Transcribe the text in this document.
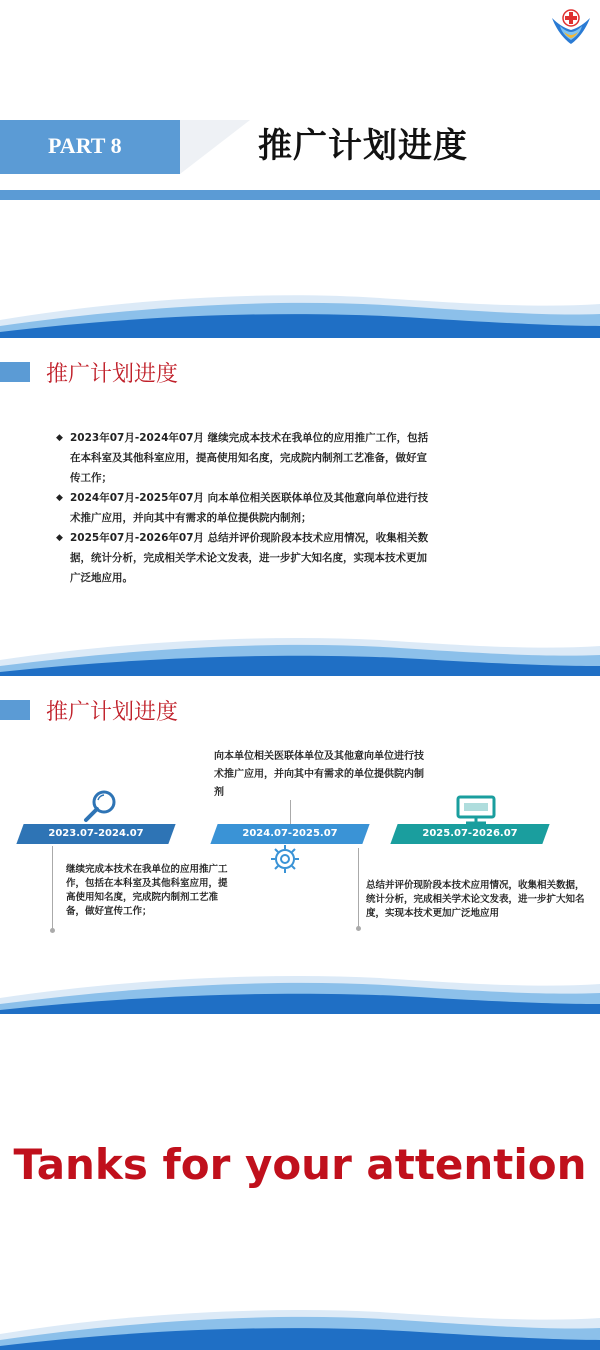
PART 8	推广计划进度
推广计划进度
◆ 2023年07月-2024年07月 继续完成本技术在我单位的应用推广工作，包括在本科室及其他科室应用，提高使用知名度，完成院内制剂工艺准备，做好宣传工作；
◆ 2024年07月-2025年07月 向本单位相关医联体单位及其他意向单位进行技术推广应用，并向其中有需求的单位提供院内制剂；
◆ 2025年07月-2026年07月 总结并评价现阶段本技术应用情况，收集相关数据，统计分析，完成相关学术论文发表，进一步扩大知名度，实现本技术更加广泛地应用。
推广计划进度
向本单位相关医联体单位及其他意向单位进行技术推广应用，并向其中有需求的单位提供院内制剂
2023.07-2024.07	2024.07-2025.07	2025.07-2026.07
继续完成本技术在我单位的应用推广工作，包括在本科室及其他科室应用，提高使用知名度，完成院内制剂工艺准备，做好宣传工作；
总结并评价现阶段本技术应用情况，收集相关数据，统计分析，完成相关学术论文发表，进一步扩大知名度，实现本技术更加广泛地应用
Tanks for your attention
